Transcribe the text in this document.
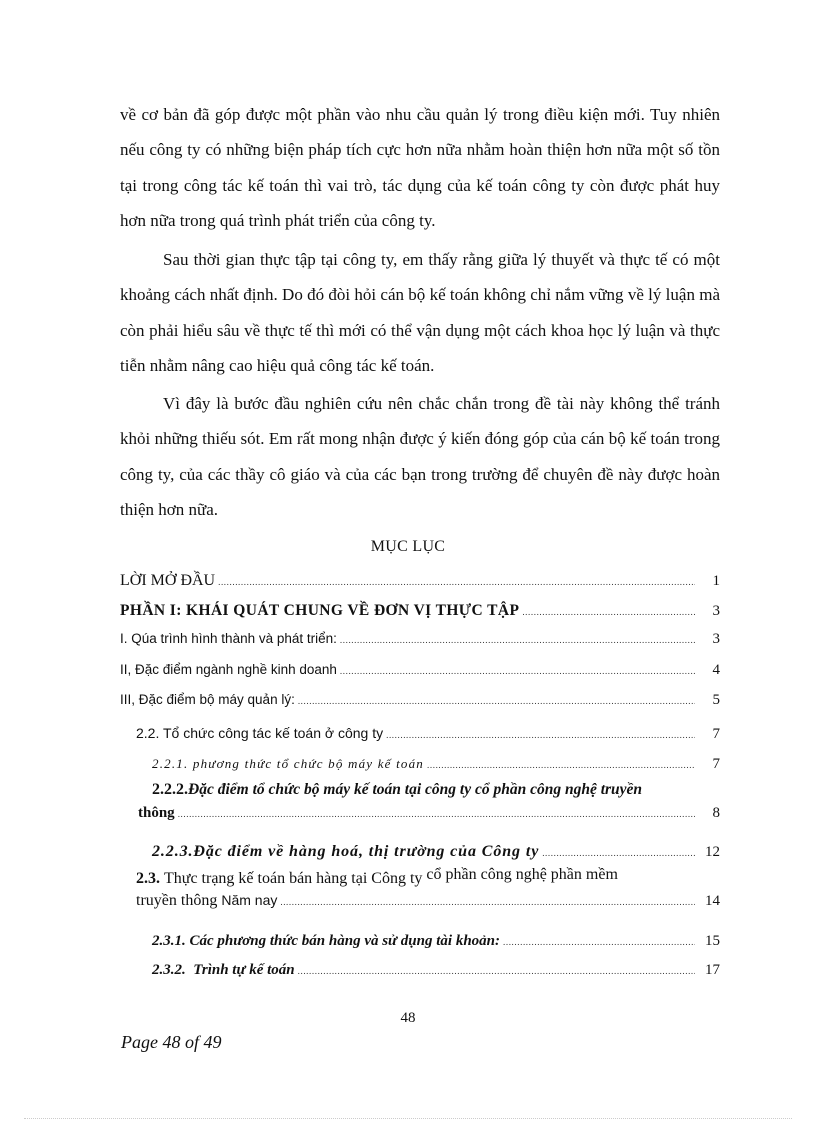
về cơ bản đã góp được một phần vào nhu cầu quản lý trong điều kiện mới. Tuy nhiên nếu công ty có những biện pháp tích cực hơn nữa nhằm hoàn thiện hơn nữa một số tồn tại trong công tác kế toán thì vai trò, tác dụng của kế toán công ty còn được phát huy hơn nữa trong quá trình phát triển của công ty.

Sau thời gian thực tập tại công ty, em thấy rằng giữa lý thuyết và thực tế có một khoảng cách nhất định. Do đó đòi hỏi cán bộ kế toán không chỉ nắm vững về lý luận mà còn phải hiểu sâu về thực tế thì mới có thể vận dụng một cách khoa học lý luận và thực tiễn nhằm nâng cao hiệu quả công tác kế toán.

Vì đây là bước đầu nghiên cứu nên chắc chắn trong đề tài này không thể tránh khỏi những thiếu sót. Em rất mong nhận được ý kiến đóng góp của cán bộ kế toán trong công ty, của các thầy cô giáo và của các bạn trong trường để chuyên đề này được hoàn thiện hơn nữa.

MỤC LỤC

LỜI MỞ ĐẦU .....	1
PHẦN I: KHÁI QUÁT CHUNG VỀ ĐƠN VỊ THỰC TẬP .....	3
I. Qúa trình hình thành và phát triển: .....	3
II, Đặc điểm ngành nghề kinh doanh .....	4
III, Đặc điểm bộ máy quản lý: .....	5
2.2. Tổ chức công tác kế toán ở công ty .....	7
2.2.1. phương thức tổ chức bộ máy kế toán .....	7
2.2.2.Đặc điểm tổ chức bộ máy kế toán tại công ty cổ phần công nghệ truyền
thông .....	8
2.2.3.Đặc điểm về hàng hoá, thị trường của Công ty .....	12
2.3. Thực trạng kế toán bán hàng tại Công ty cổ phần công nghệ phần mềm
truyền thông Năm nay .....	14
2.3.1. Các phương thức bán hàng và sử dụng tài khoản: .....	15
2.3.2.  Trình tự kế toán .....	17

48

Page 48 of 49
